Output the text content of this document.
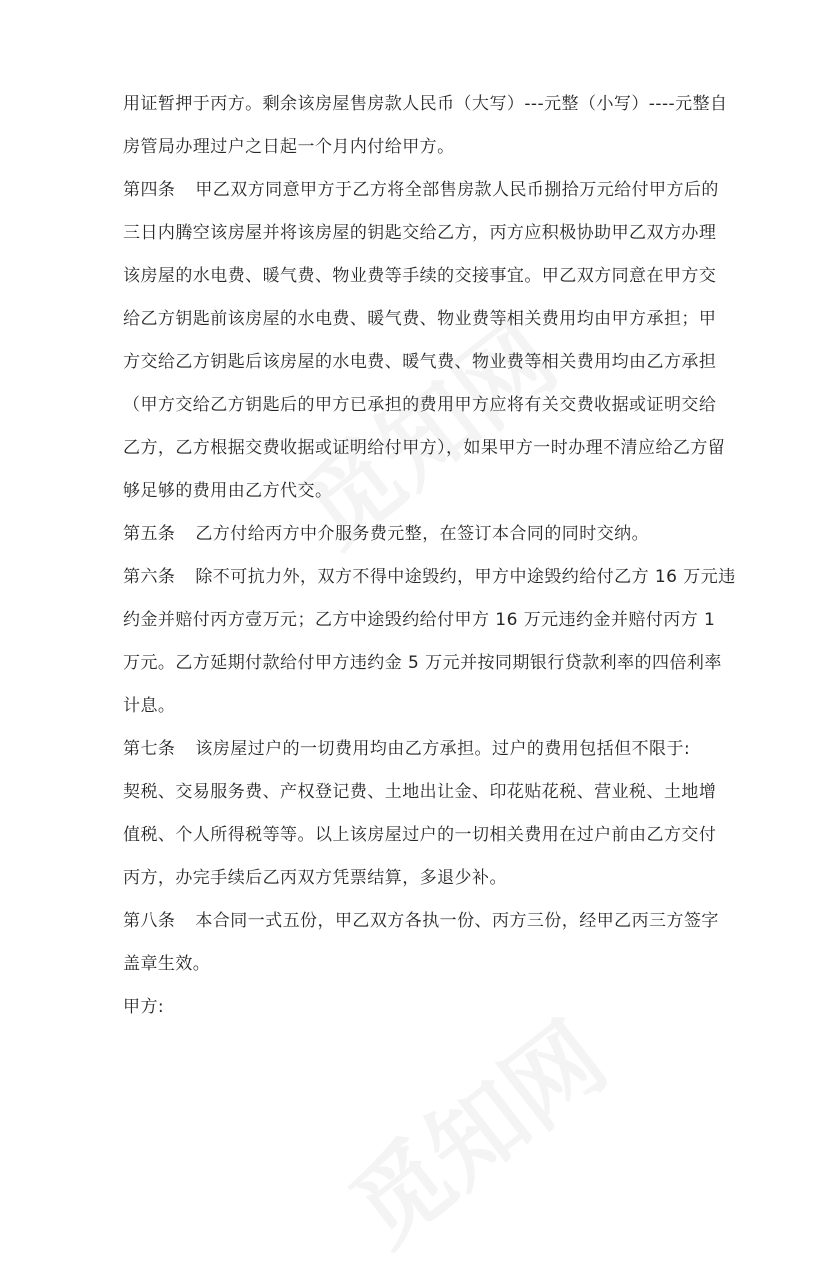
用证暂押于丙方。剩余该房屋售房款人民币（大写）---元整（小写）----元整自
房管局办理过户之日起一个月内付给甲方。
第四条 甲乙双方同意甲方于乙方将全部售房款人民币捌拾万元给付甲方后的
三日内腾空该房屋并将该房屋的钥匙交给乙方，丙方应积极协助甲乙双方办理
该房屋的水电费、暖气费、物业费等手续的交接事宜。甲乙双方同意在甲方交
给乙方钥匙前该房屋的水电费、暖气费、物业费等相关费用均由甲方承担；甲
方交给乙方钥匙后该房屋的水电费、暖气费、物业费等相关费用均由乙方承担
（甲方交给乙方钥匙后的甲方已承担的费用甲方应将有关交费收据或证明交给
乙方，乙方根据交费收据或证明给付甲方），如果甲方一时办理不清应给乙方留
够足够的费用由乙方代交。
第五条 乙方付给丙方中介服务费元整，在签订本合同的同时交纳。
第六条 除不可抗力外，双方不得中途毁约，甲方中途毁约给付乙方 16 万元违
约金并赔付丙方壹万元；乙方中途毁约给付甲方 16 万元违约金并赔付丙方 1
万元。乙方延期付款给付甲方违约金 5 万元并按同期银行贷款利率的四倍利率
计息。
第七条 该房屋过户的一切费用均由乙方承担。过户的费用包括但不限于:
契税、交易服务费、产权登记费、土地出让金、印花贴花税、营业税、土地增
值税、个人所得税等等。以上该房屋过户的一切相关费用在过户前由乙方交付
丙方，办完手续后乙丙双方凭票结算，多退少补。
第八条 本合同一式五份，甲乙双方各执一份、丙方三份，经甲乙丙三方签字
盖章生效。
甲方:
